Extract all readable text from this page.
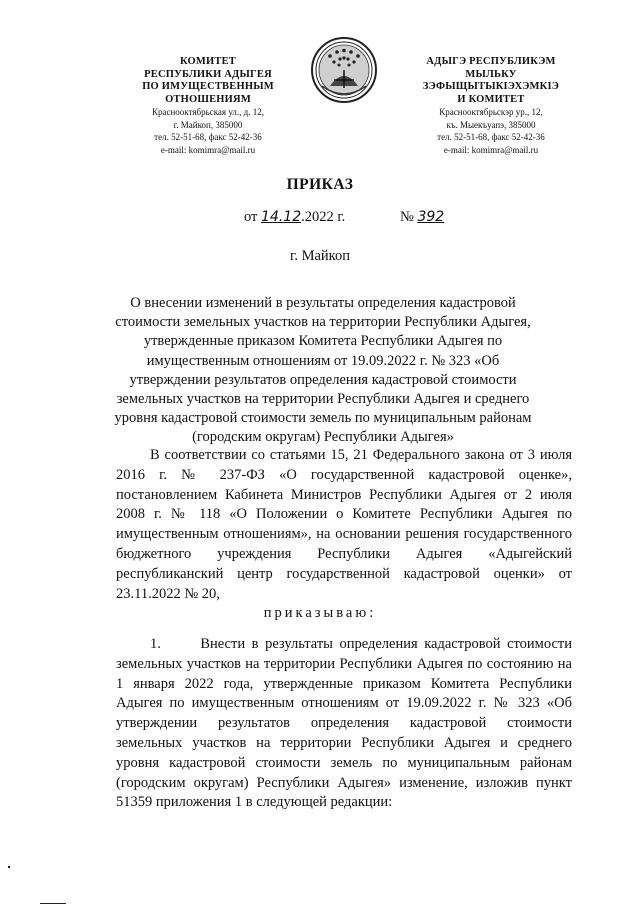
КОМИТЕТ
РЕСПУБЛИКИ АДЫГЕЯ
ПО ИМУЩЕСТВЕННЫМ ОТНОШЕНИЯМ
Краснооктябрьская ул., д. 12,
г. Майкоп, 385000
тел. 52-51-68, факс 52-42-36
e-mail: komimra@mail.ru
АДЫГЭ РЕСПУБЛИКЭМ
МЫЛЬКУ ЗЭФЫЩЫТЫКІЭХЭМКІЭ
И КОМИТЕТ
Краснооктябрьскэр ур., 12,
къ. Мыекъуапэ, 385000
тел. 52-51-68, факс 52-42-36
e-mail: komimra@mail.ru
ПРИКАЗ
от 14.12.2022 г.	№ 392
г. Майкоп
О внесении изменений в результаты определения кадастровой стоимости земельных участков на территории Республики Адыгея, утвержденные приказом Комитета Республики Адыгея по имущественным отношениям от 19.09.2022 г. № 323 «Об утверждении результатов определения кадастровой стоимости земельных участков на территории Республики Адыгея и среднего уровня кадастровой стоимости земель по муниципальным районам (городским округам) Республики Адыгея»
В соответствии со статьями 15, 21 Федерального закона от 3 июля 2016 г. № 237-ФЗ «О государственной кадастровой оценке», постановлением Кабинета Министров Республики Адыгея от 2 июля 2008 г. № 118 «О Положении о Комитете Республики Адыгея по имущественным отношениям», на основании решения государственного бюджетного учреждения Республики Адыгея «Адыгейский республиканский центр государственной кадастровой оценки» от 23.11.2022 № 20,
приказываю:
1.	Внести в результаты определения кадастровой стоимости земельных участков на территории Республики Адыгея по состоянию на 1 января 2022 года, утвержденные приказом Комитета Республики Адыгея по имущественным отношениям от 19.09.2022 г. № 323 «Об утверждении результатов определения кадастровой стоимости земельных участков на территории Республики Адыгея и среднего уровня кадастровой стоимости земель по муниципальным районам (городским округам) Республики Адыгея» изменение, изложив пункт 51359 приложения 1 в следующей редакции:
